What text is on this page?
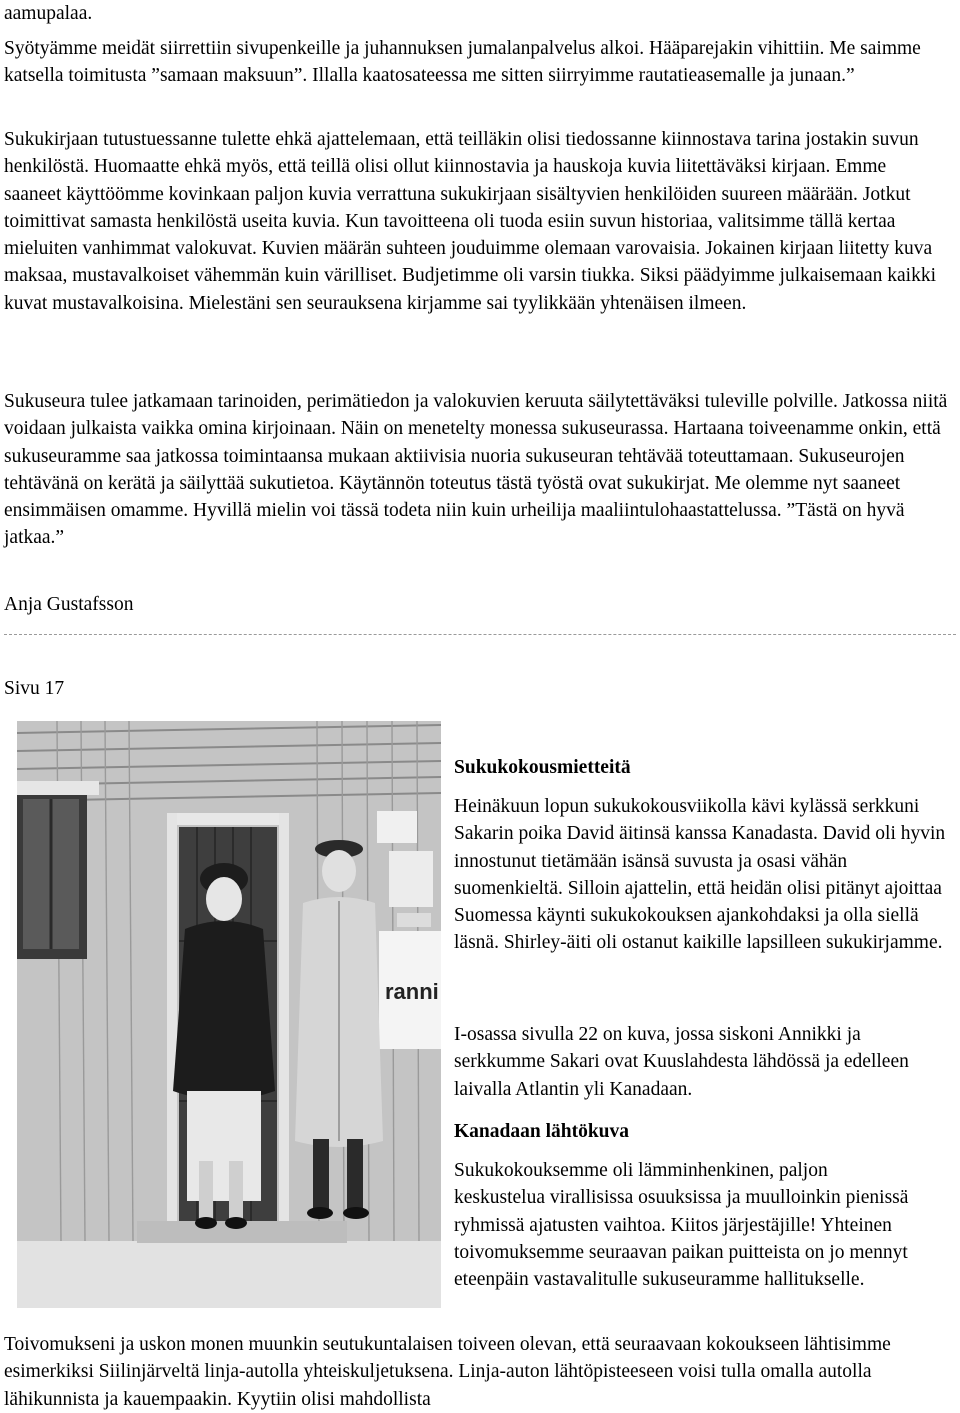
aamupalaa.

Syötyämme meidät siirrettiin sivupenkeille ja juhannuksen jumalanpalvelus alkoi. Hääparejakin vihittiin. Me saimme katsella toimitusta ”samaan maksuun”. Illalla kaatosateessa me sitten siirryimme rautatieasemalle ja junaan.”

Sukukirjaan tutustuessanne tulette ehkä ajattelemaan, että teilläkin olisi tiedossanne kiinnostava tarina jostakin suvun henkilöstä. Huomaatte ehkä myös, että teillä olisi ollut kiinnostavia ja hauskoja kuvia liitettäväksi kirjaan. Emme saaneet käyttöömme kovinkaan paljon kuvia verrattuna sukukirjaan sisältyvien henkilöiden suureen määrään. Jotkut toimittivat samasta henkilöstä useita kuvia. Kun tavoitteena oli tuoda esiin suvun historiaa, valitsimme tällä kertaa mieluiten vanhimmat valokuvat. Kuvien määrän suhteen jouduimme olemaan varovaisia. Jokainen kirjaan liitetty kuva maksaa, mustavalkoiset vähemmän kuin värilliset. Budjetimme oli varsin tiukka. Siksi päädyimme julkaisemaan kaikki kuvat mustavalkoisina. Mielestäni sen seurauksena kirjamme sai tyylikkään yhtenäisen ilmeen.

Sukuseura tulee jatkamaan tarinoiden, perimätiedon ja valokuvien keruuta säilytettäväksi tuleville polville. Jatkossa niitä voidaan julkaista vaikka omina kirjoinaan. Näin on menetelty monessa sukuseurassa. Hartaana toiveenamme onkin, että sukuseuramme saa jatkossa toimintaansa mukaan aktiivisia nuoria sukuseuran tehtävää toteuttamaan. Sukuseurojen tehtävänä on kerätä ja säilyttää sukutietoa. Käytännön toteutus tästä työstä ovat sukukirjat. Me olemme nyt saaneet ensimmäisen omamme. Hyvillä mielin voi tässä todeta niin kuin urheilija maaliintulohaastattelussa. ”Tästä on hyvä jatkaa.”

Anja Gustafsson

Sivu 17

ranni
Sukukokousmietteitä

Heinäkuun lopun sukukokousviikolla kävi kylässä serkkuni Sakarin poika David äitinsä kanssa Kanadasta. David oli hyvin innostunut tietämään isänsä suvusta ja osasi vähän suomenkieltä. Silloin ajattelin, että heidän olisi pitänyt ajoittaa Suomessa käynti sukukokouksen ajankohdaksi ja olla siellä läsnä. Shirley-äiti oli ostanut kaikille lapsilleen sukukirjamme.

I-osassa sivulla 22 on kuva, jossa siskoni Annikki ja serkkumme Sakari ovat Kuuslahdesta lähdössä ja edelleen laivalla Atlantin yli Kanadaan.

Kanadaan lähtökuva

Sukukokouksemme oli lämminhenkinen, paljon keskustelua virallisissa osuuksissa ja muulloinkin pienissä ryhmissä ajatusten vaihtoa. Kiitos järjestäjille! Yhteinen toivomuksemme seuraavan paikan puitteista on jo mennyt eteenpäin vastavalitulle sukuseuramme hallitukselle.

Toivomukseni ja uskon monen muunkin seutukuntalaisen toiveen olevan, että seuraavaan kokoukseen lähtisimme esimerkiksi Siilinjärveltä linja-autolla yhteiskuljetuksena. Linja-auton lähtöpisteeseen voisi tulla omalla autolla lähikunnista ja kauempaakin. Kyytiin olisi mahdollista
